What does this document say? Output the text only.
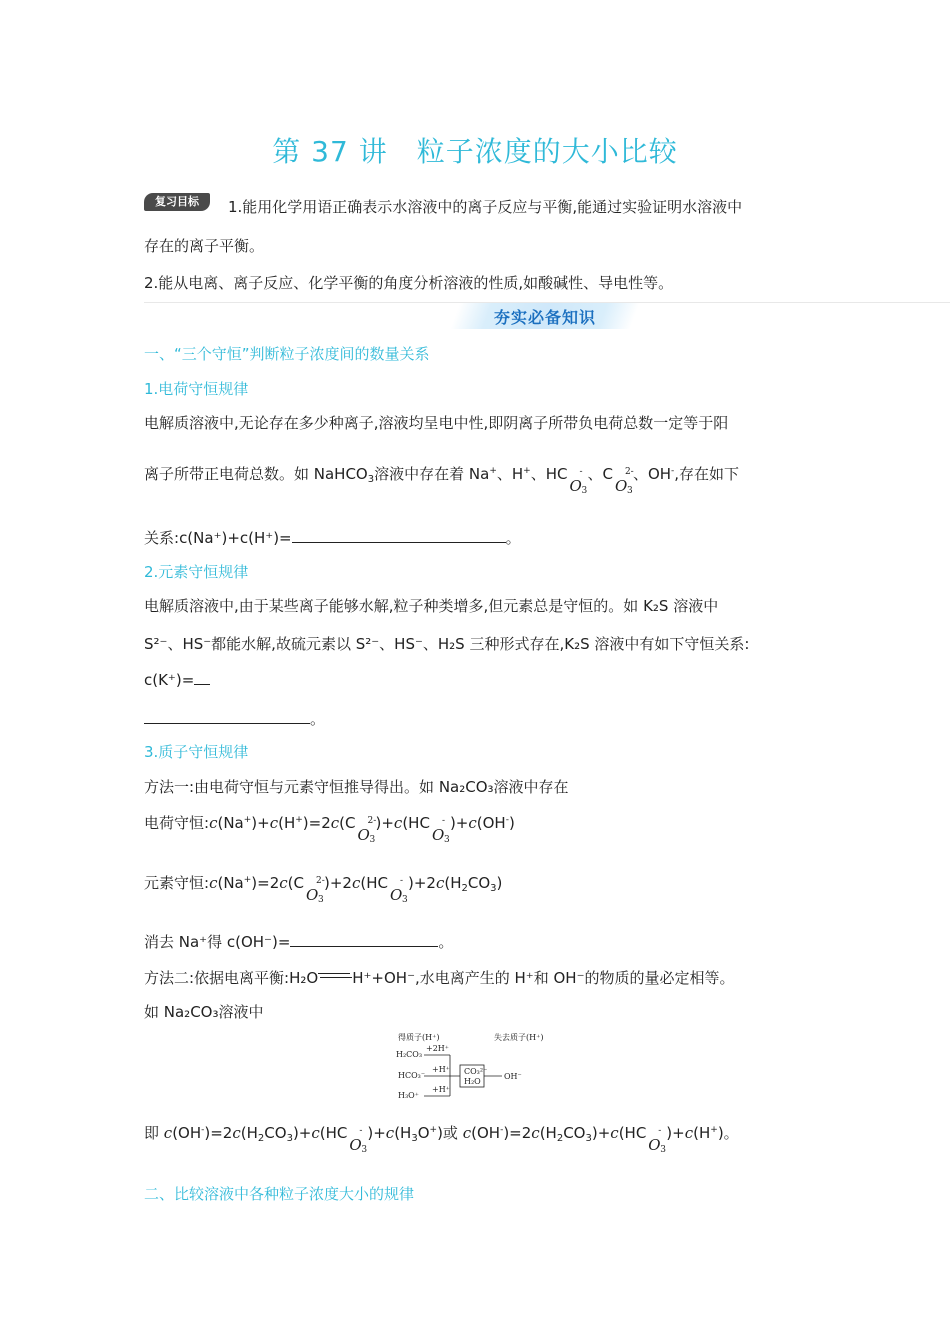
第 37 讲　粒子浓度的大小比较
复习目标	1.能用化学用语正确表示水溶液中的离子反应与平衡,能通过实验证明水溶液中
存在的离子平衡。
2.能从电离、离子反应、化学平衡的角度分析溶液的性质,如酸碱性、导电性等。
夯实必备知识
一、“三个守恒”判断粒子浓度间的数量关系
1.电荷守恒规律
电解质溶液中,无论存在多少种离子,溶液均呈电中性,即阴离子所带负电荷总数一定等于阳
离子所带正电荷总数。如 NaHCO$_3$溶液中存在着 Na+、H+、HC
O
-
3
、C
O
2-
3
、OH-,存在如下
关系:c(Na⁺)+c(H⁺)=	。
2.元素守恒规律
电解质溶液中,由于某些离子能够水解,粒子种类增多,但元素总是守恒的。如 K₂S 溶液中
S²⁻、HS⁻都能水解,故硫元素以 S²⁻、HS⁻、H₂S 三种形式存在,K₂S 溶液中有如下守恒关系:
c(K⁺)=
。
3.质子守恒规律
方法一:由电荷守恒与元素守恒推导得出。如 Na₂CO₃溶液中存在
电荷守恒:c(Na+)+c(H+)=2c(C
O
2-
3
)+c(HC
O
-
3
)+c(OH-)
元素守恒:c(Na+)=2c(C
O
2-
3
)+2c(HC
O
-
3
)$+2c(H_2CO_3)$
消去 Na⁺得 c(OH⁻)=	。
方法二:依据电离平衡:H₂O H⁺+OH⁻,水电离产生的 H⁺和 OH⁻的物质的量必定相等。
如 Na₂CO₃溶液中
得质子(H⁺)	失去质子(H⁺)
H₂CO₃
+2H⁺
HCO₃⁻
+H⁺
H₃O⁺
+H⁺
CO₃²⁻
H₂O
OH⁻
即 $c(OH^-)=2c(H_2CO_3)+c(HC$
O
-
3
)$+c(H_3O^+)$或 $c(OH^-)=2c(H_2CO_3)+c(HC$
O
-
3
)+c(H+)。
二、比较溶液中各种粒子浓度大小的规律
